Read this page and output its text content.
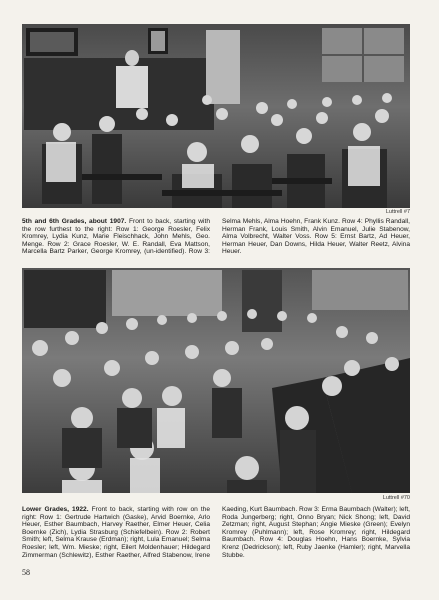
Luttrell #7
5th and 6th Grades, about 1907. Front to back, starting with the row furthest to the right: Row 1: George Roesler, Felix Kromrey, Lydia Kunz, Marie Fleischhack, John Mehls, Geo. Menge. Row 2: Grace Roesler, W. E. Randall, Eva Mattson, Marcella Bartz Parker, George Kromrey, (un-identified). Row 3: Selma Mehls, Alma Hoehn, Frank Kunz. Row 4: Phyllis Randall, Herman Frank, Louis Smith, Alvin Emanuel, Julie Stabenow, Alma Volbrecht, Walter Voss. Row 5: Ernst Bartz, Ad Heuer, Herman Heuer, Dan Downs, Hilda Heuer, Walter Reetz, Alvina Heuer.
Luttrell #70
Lower Grades, 1922. Front to back, starting with row on the right: Row 1: Gertrude Hartwich (Gaske), Arvid Boernke, Arlo Heuer, Esther Baumbach, Harvey Raether, Elmer Heuer, Celia Boernke (Zich), Lydia Strasburg (Schiefelbein). Row 2: Robert Smith; left, Selma Krause (Erdman); right, Lula Emanuel; Selma Roesler; left, Wm. Mieske; right, Eilert Moldenhauer; Hildegard Zimmerman (Schlewitz), Esther Raether, Alfred Stabenow, Irene Kaeding, Kurt Baumbach. Row 3: Erma Baumbach (Walter); left, Roda Jungerberg; right, Onno Bryan; Nick Shong; left, David Zetzman; right, August Stephan; Angie Mieske (Green); Evelyn Kromrey (Puhlmann); left, Rose Kromrey; right, Hildegard Baumbach. Row 4: Douglas Hoehn, Hans Boernke, Sylvia Krenz (Dedrickson); left, Ruby Jaenke (Hamler); right, Marvella Stubbe.
58
